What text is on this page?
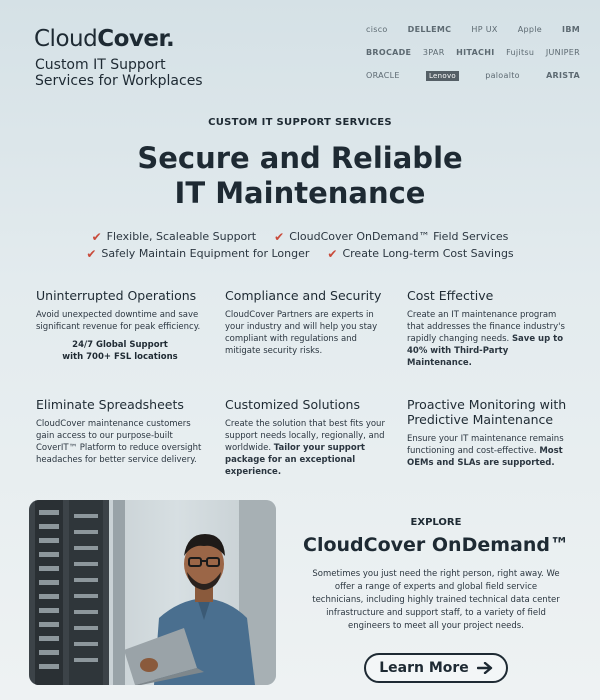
CloudCover.
Custom IT Support
Services for Workplaces
cisco	DELLEMC	HP UX	Apple	IBM
BROCADE 3PAR HITACHI Fujitsu JUNIPER
ORACLE	Lenovo	paloalto	ARISTA
CUSTOM IT SUPPORT SERVICES
Secure and Reliable
IT Maintenance
✔ Flexible, Scaleable Support ✔ CloudCover OnDemand™ Field Services
✔ Safely Maintain Equipment for Longer ✔ Create Long-term Cost Savings
Uninterrupted Operations

Avoid unexpected downtime and save significant revenue for peak efficiency.

24/7 Global Support
with 700+ FSL locations
Compliance and Security

CloudCover Partners are experts in your industry and will help you stay compliant with regulations and mitigate security risks.

Cost Effective

Create an IT maintenance program that addresses the finance industry's rapidly changing needs. Save up to 40% with Third-Party Maintenance.

Eliminate Spreadsheets

CloudCover maintenance customers gain access to our purpose-built CoverIT™ Platform to reduce oversight headaches for better service delivery.

Customized Solutions

Create the solution that best fits your support needs locally, regionally, and worldwide. Tailor your support package for an exceptional experience.

Proactive Monitoring with Predictive Maintenance

Ensure your IT maintenance remains functioning and cost-effective. Most OEMs and SLAs are supported.

EXPLORE
CloudCover OnDemand™
Sometimes you just need the right person, right away. We offer a range of experts and global field service technicians, including highly trained technical data center infrastructure and support staff, to a variety of field engineers to meet all your project needs.
Learn More
